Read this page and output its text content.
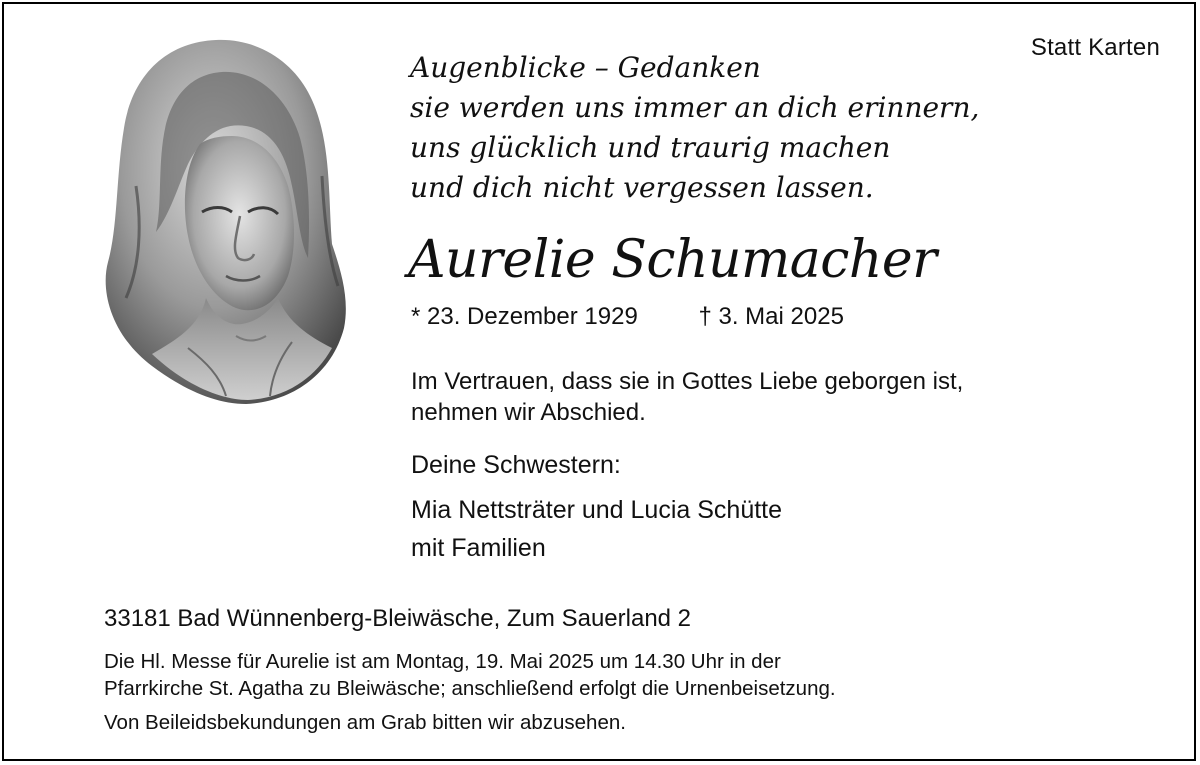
Statt Karten
Augenblicke – Gedanken
sie werden uns immer an dich erinnern,
uns glücklich und traurig machen
und dich nicht vergessen lassen.
Aurelie Schumacher
* 23. Dezember 1929	† 3. Mai 2025
Im Vertrauen, dass sie in Gottes Liebe geborgen ist,
nehmen wir Abschied.
Deine Schwestern:
Mia Nettsträter und Lucia Schütte
mit Familien
33181 Bad Wünnenberg-Bleiwäsche, Zum Sauerland 2
Die Hl. Messe für Aurelie ist am Montag, 19. Mai 2025 um 14.30 Uhr in der
Pfarrkirche St. Agatha zu Bleiwäsche; anschließend erfolgt die Urnenbeisetzung.
Von Beileidsbekundungen am Grab bitten wir abzusehen.
